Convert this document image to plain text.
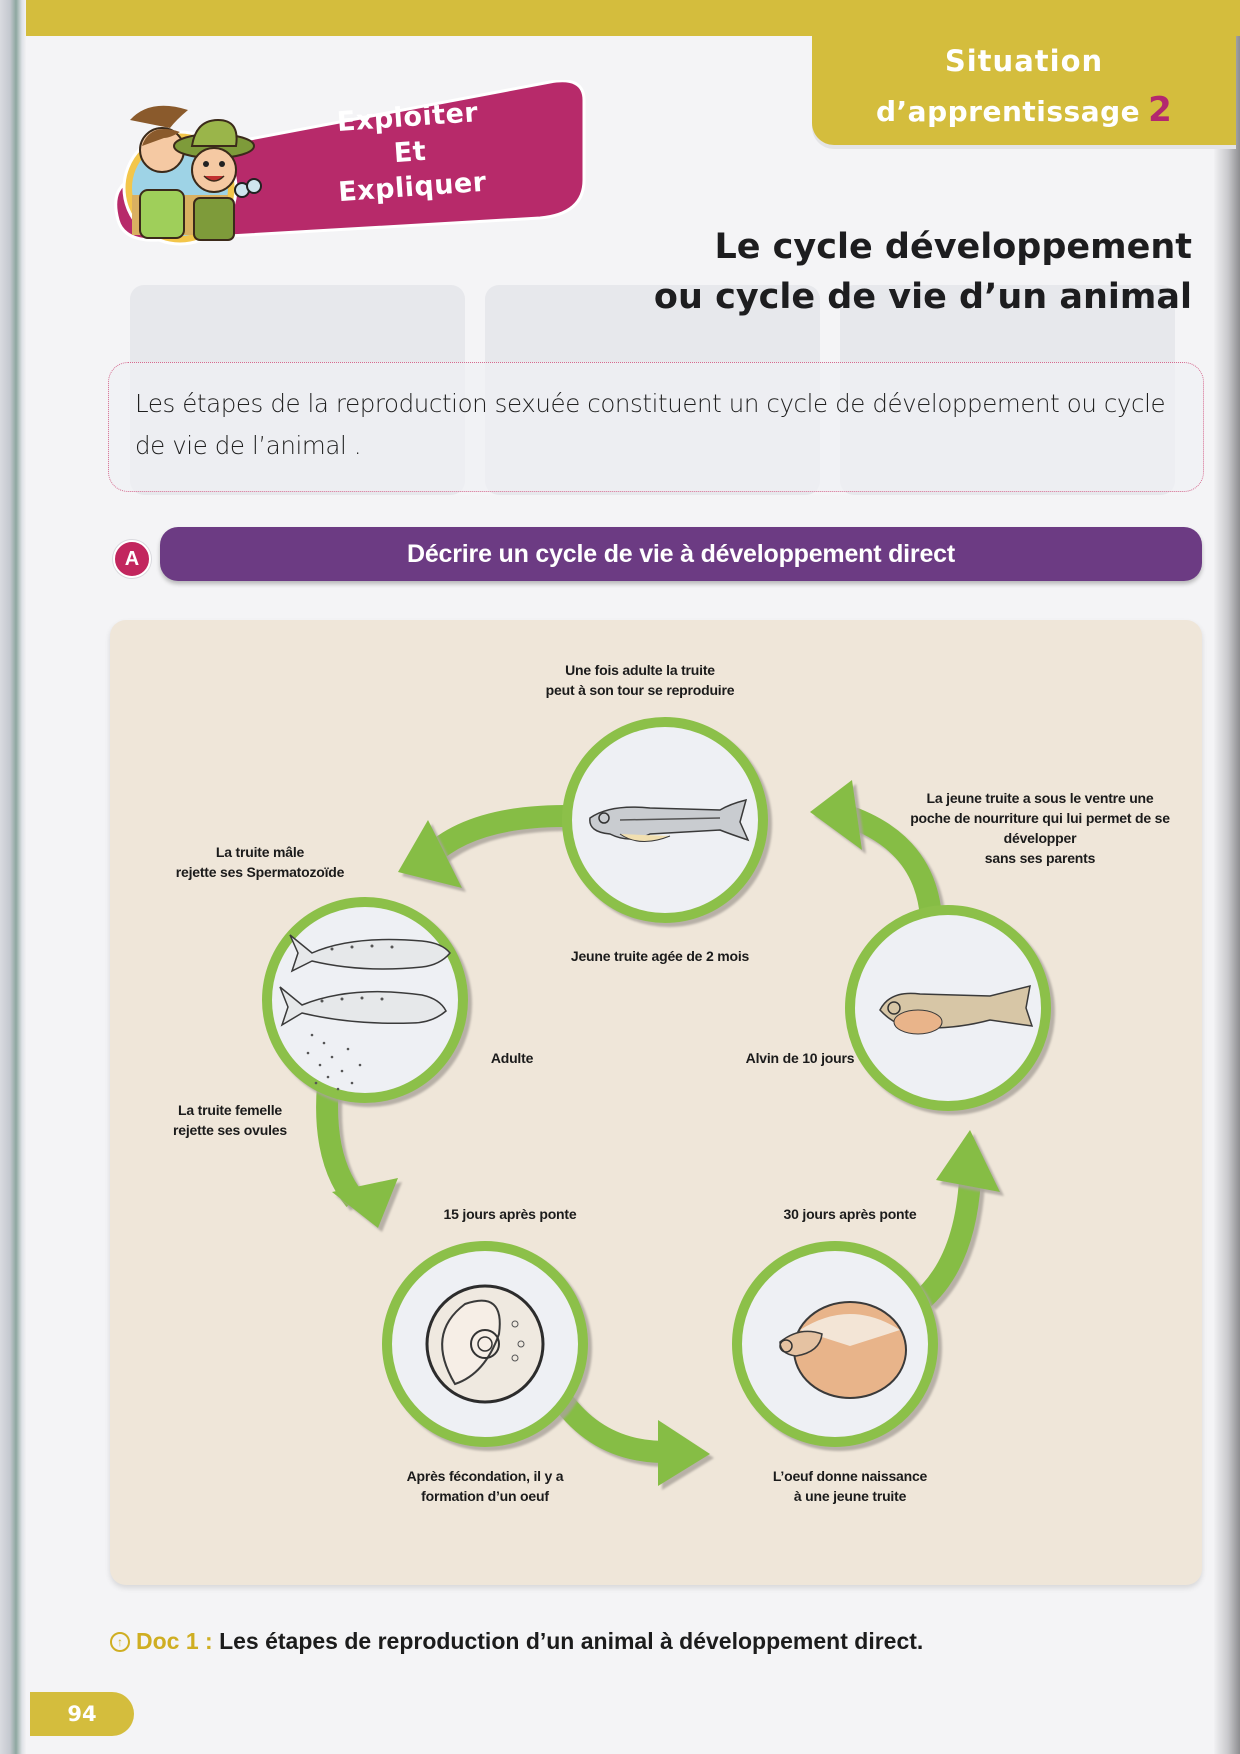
Situation
d’apprentissage 2
Exploiter
Et
Expliquer
Le cycle développement
ou cycle de vie d’un animal

Les étapes de la reproduction sexuée constituent un cycle de développement ou cycle de vie de l’animal .

A	Décrire un cycle de vie à développement direct
Une fois adulte la truite
peut à son tour se reproduire
Jeune truite agée de 2 mois
La truite mâle
rejette ses Spermatozoïde
Adulte
La truite femelle
rejette ses ovules
Alvin de 10 jours
La jeune truite a sous le ventre une
poche de nourriture qui lui permet de se
développer
sans ses parents
15 jours après ponte	30 jours après ponte
Après fécondation, il y a
formation d’un oeuf
L’oeuf donne naissance
à une jeune truite
↑ Doc 1 : Les étapes de reproduction d’un animal à développement direct.
94
